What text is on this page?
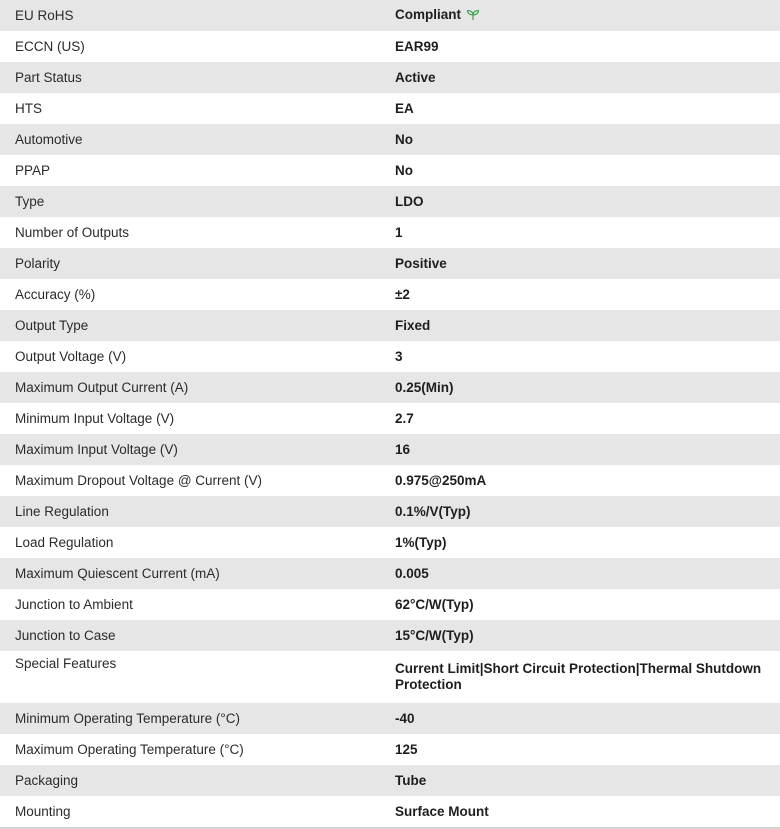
EU RoHS	Compliant
ECCN (US)	EAR99
Part Status	Active
HTS	EA
Automotive	No
PPAP	No
Type	LDO
Number of Outputs	1
Polarity	Positive
Accuracy (%)	±2
Output Type	Fixed
Output Voltage (V)	3
Maximum Output Current (A)	0.25(Min)
Minimum Input Voltage (V)	2.7
Maximum Input Voltage (V)	16
Maximum Dropout Voltage @ Current (V)	0.975@250mA
Line Regulation	0.1%/V(Typ)
Load Regulation	1%(Typ)
Maximum Quiescent Current (mA)	0.005
Junction to Ambient	62°C/W(Typ)
Junction to Case	15°C/W(Typ)
Special Features	Current Limit|Short Circuit Protection|Thermal Shutdown Protection
Minimum Operating Temperature (°C)	-40
Maximum Operating Temperature (°C)	125
Packaging	Tube
Mounting	Surface Mount
